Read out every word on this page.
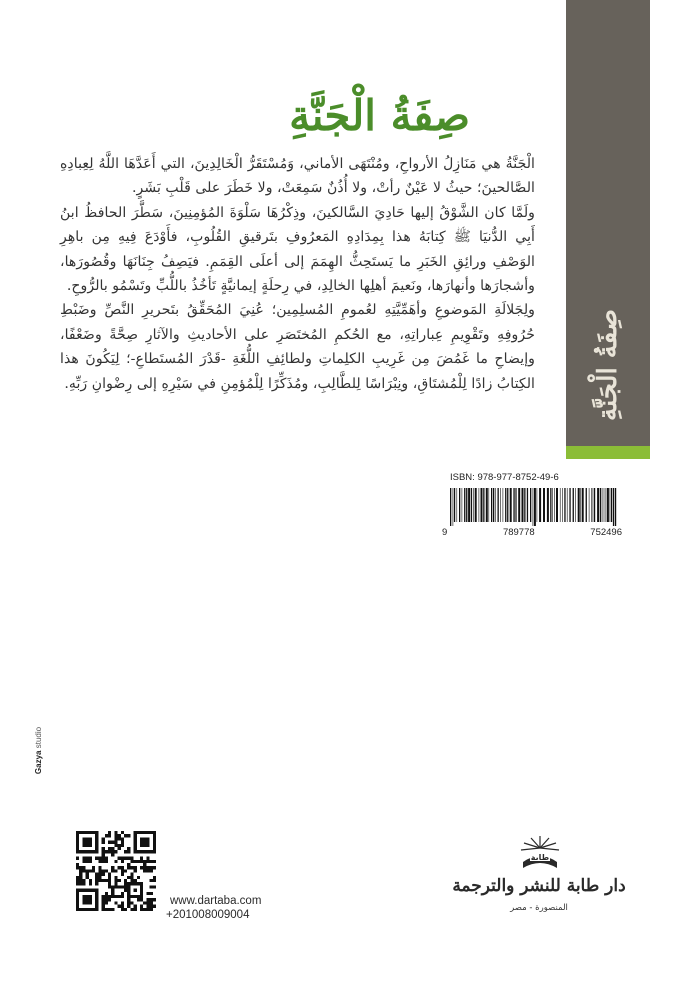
صِفَةُ الْجَنَّةِ
صِفَةُ الْجَنَّةِ

الْجَنَّةُ هي مَنَازِلُ الأرواحِ، ومُنْتَهَى الأماني، وَمُسْتَقَرُّ الْخَالِدِينَ، التي أَعَدَّهَا اللَّهُ لِعِبادِهِ الصَّالحينَ؛ حيثُ لا عَيْنٌ رأتْ، ولا أُذُنٌ سَمِعَتْ، ولا خَطَرَ على قَلْبِ بَشَرٍ.

ولَمَّا كان الشَّوْقُ إليها حَادِيَ السَّالكينَ، وذِكْرُهَا سَلْوَةَ المُؤمِنِينَ، سَطَّرَ الحافظُ ابنُ أَبِي الدُّنيَا ﷺ كِتابَهُ هذا بِمِدَادِهِ المَعرُوفِ بتَرقيقِ القُلُوبِ، فأَوْدَعَ فِيهِ مِن باهِرِ الوَصْفِ ورائِقِ الخَبَرِ ما يَستَحِثُّ الهِمَمَ إلى أعلَى القِمَمِ. فيَصِفُ جِنَانَهَا وقُصُورَها، وأشجارَها وأنهارَها، ونَعيمَ أهلِها الخالِدِ، في رِحلَةٍ إيمانيَّةٍ تَأخُذُ باللُّبِّ وتَسْمُو بالرُّوحِ.

ولِجَلالَةِ المَوضوعِ وأهَمِّيَّتِهِ لعُمومِ المُسلِمِين؛ عُنِيَ المُحَقِّقُ بتَحريرِ النَّصِّ وضَبْطِ حُرُوفِهِ وتَقْوِيمِ عِباراتِهِ، مع الحُكمِ المُختَصَرِ على الأحاديثِ والآثارِ صِحَّةً وضَعْفًا، وإيضاحِ ما غَمُضَ مِن غَرِيبِ الكلِماتِ ولطائِفِ اللُّغَةِ -قَدْرَ المُستَطاعِ-؛ لِيَكُونَ هذا الكِتابُ زادًا لِلْمُشتَاقِ، ونِبْرَاسًا لِلطَّالِبِ، ومُذَكِّرًا لِلْمُؤمِنِ في سَيْرِهِ إلى رِضْوانِ رَبِّهِ.

ISBN: 978-977-8752-49-6
9	789778	752496
Gazya studio
www.dartaba.com
+201008009004
طابة
دار طابة للنشر والترجمة
المنصورة - مصر
